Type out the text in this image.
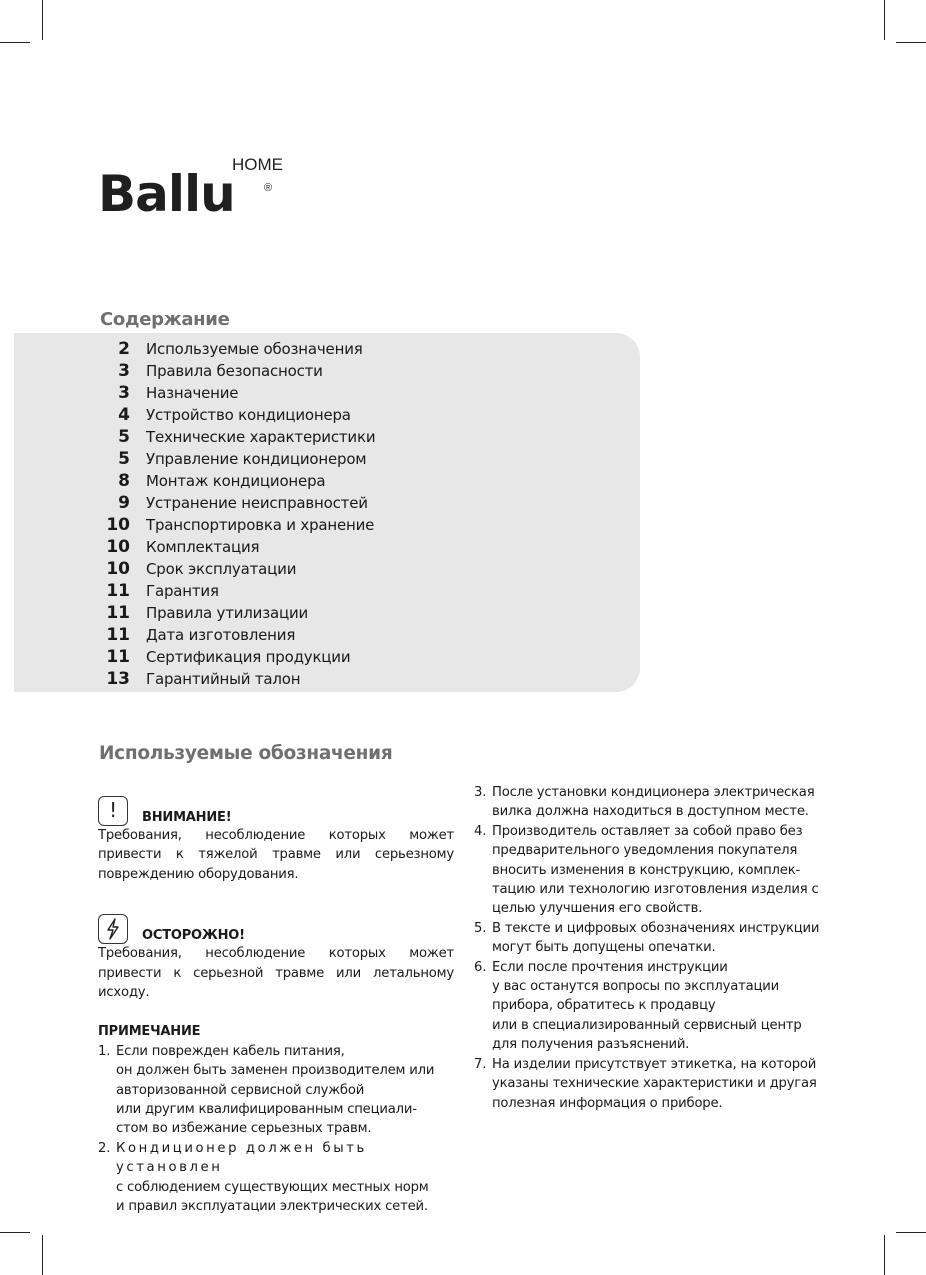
Ballu
HOME
®
Содержание
2 Используемые обозначения
3 Правила безопасности
3 Назначение
4 Устройство кондиционера
5 Технические характеристики
5 Управление кондиционером
8 Монтаж кондиционера
9 Устранение неисправностей
10 Транспортировка и хранение
10 Комплектация
10 Срок эксплуатации
11 Гарантия
11 Правила утилизации
11 Дата изготовления
11 Сертификация продукции
13 Гарантийный талон
Используемые обозначения
!	ВНИМАНИЕ!
Требования, несоблюдение которых может привести к тяжелой травме или серьезному повреждению оборудования.
ОСТОРОЖНО!
Требования, несоблюдение которых может привести к серьезной травме или летальному исходу.
ПРИМЕЧАНИЕ
1. Если поврежден кабель питания,
он должен быть заменен производителем или
авторизованной сервисной службой
или другим квалифицированным специали-
стом во избежание серьезных травм.
2. Кондиционер должен быть установлен
с соблюдением существующих местных норм
и правил эксплуатации электрических сетей.
3. После установки кондиционера электрическая
вилка должна находиться в доступном месте.
4. Производитель оставляет за собой право без
предварительного уведомления покупателя
вносить изменения в конструкцию, комплек-
тацию или технологию изготовления изделия с
целью улучшения его свойств.
5. В тексте и цифровых обозначениях инструкции
могут быть допущены опечатки.
6. Если после прочтения инструкции
у вас останутся вопросы по эксплуатации
прибора, обратитесь к продавцу
или в специализированный сервисный центр
для получения разъяснений.
7. На изделии присутствует этикетка, на которой
указаны технические характеристики и другая
полезная информация о приборе.
